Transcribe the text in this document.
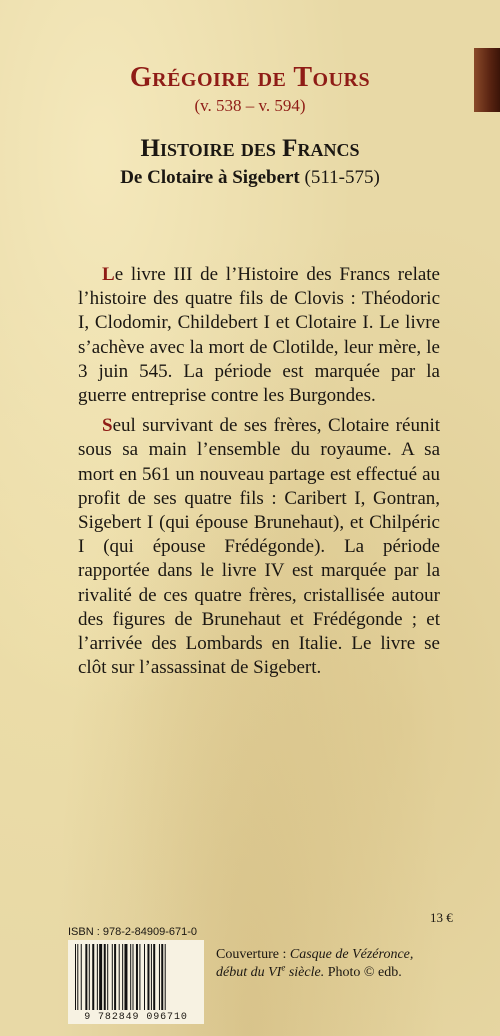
Grégoire de Tours
(v. 538 – v. 594)
Histoire des Francs
De Clotaire à Sigebert (511-575)

Le livre III de l’Histoire des Francs relate l’histoire des quatre fils de Clovis : Théodoric I, Clodomir, Childebert I et Clotaire I. Le livre s’achève avec la mort de Clotilde, leur mère, le 3 juin 545. La période est marquée par la guerre entreprise contre les Burgondes.

Seul survivant de ses frères, Clotaire réunit sous sa main l’ensemble du royaume. A sa mort en 561 un nouveau partage est effectué au profit de ses quatre fils : Caribert I, Gontran, Sigebert I (qui épouse Brunehaut), et Chilpéric I (qui épouse Frédégonde). La période rapportée dans le livre IV est marquée par la rivalité de ces quatre frères, cristallisée autour des figures de Brunehaut et Frédégonde ; et l’arrivée des Lombards en Italie. Le livre se clôt sur l’assassinat de Sigebert.

13 €
ISBN : 978-2-84909-671-0
9 782849 096710
Couverture : Casque de Vézéronce,
début du VIe siècle. Photo © edb.
